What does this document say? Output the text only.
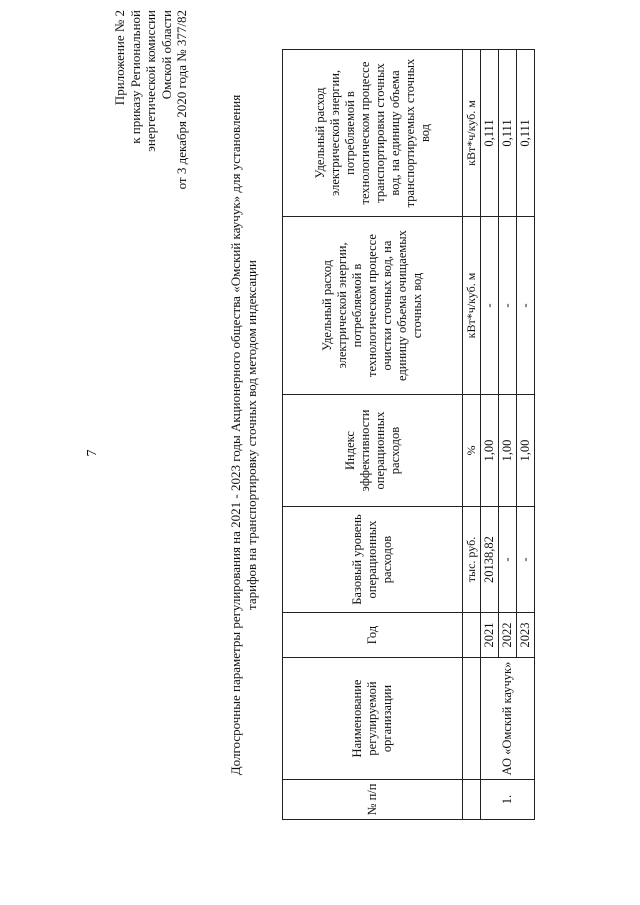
7
Приложение № 2 к приказу Региональной энергетической комиссии Омской области от 3 декабря 2020 года № 377/82	Долгосрочные параметры регулирования на 2021 - 2023 годы Акционерного общества «Омский каучук» для установления тарифов на транспортировку сточных вод методом индексации
№ п/п	Наименование регулируемой организации	Год	Базовый уровень операционных расходов	Индекс эффективности операционных расходов	Удельный расход электрической энергии, потребляемой в технологическом процессе очистки сточных вод, на единицу объема очищаемых сточных вод	Удельный расход электрической энергии, потребляемой в технологическом процессе транспортировки сточных вод, на единицу объема транспортируемых сточных вод
			тыс. руб.	%	кВт*ч/куб. м	кВт*ч/куб. м
1.	АО «Омский каучук»	2021	20138,82	1,00	-	0,111
		2022	-	1,00	-	0,111
		2023	-	1,00	-	0,111
